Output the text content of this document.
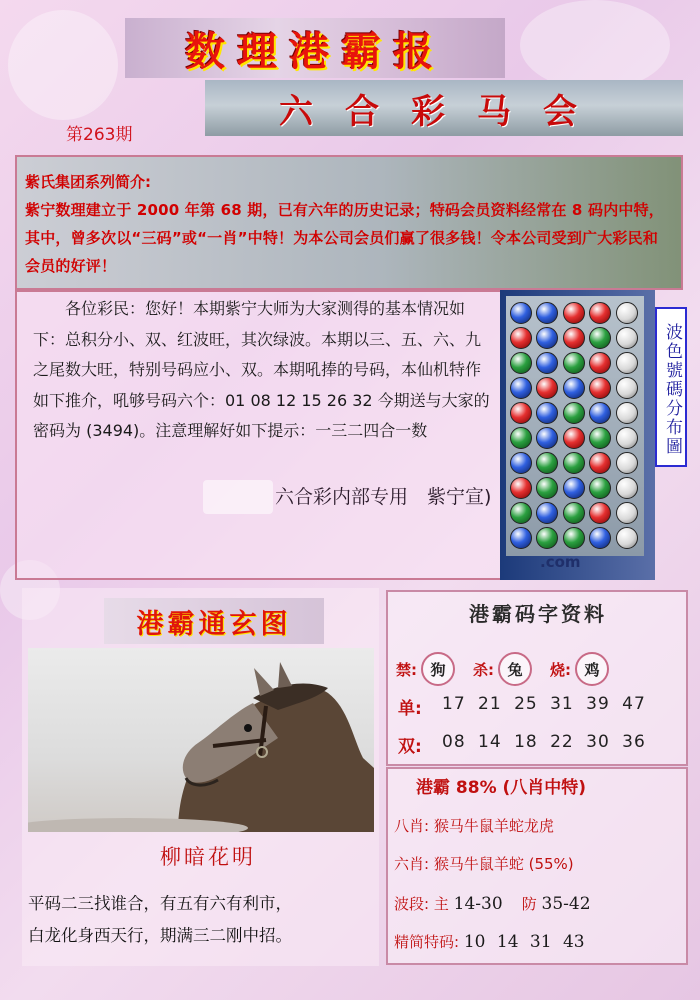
数理港霸报
六合彩马会
第263期
紫氏集团系列简介:
紫宁数理建立于 2000 年第 68 期，已有六年的历史记录；特码会员资料经常在 8 码内中特，其中，曾多次以“三码”或“一肖”中特！为本公司会员们赢了很多钱！令本公司受到广大彩民和会员的好评！
各位彩民：您好！本期紫宁大师为大家测得的基本情况如下：总积分小、双、红波旺，其次绿波。本期以三、五、六、九之尾数大旺，特别号码应小、双。本期吼捧的号码，本仙机特作如下推介，吼够号码六个：01 08 12 15 26 32 今期送与大家的密码为 (3494)。注意理解好如下提示：一三二四合一数
六合彩内部专用　紫宁宣)
.com
波色號碼分布圖
港霸通玄图
柳暗花明
平码二三找谁合，有五有六有利市，
白龙化身西天行，期满三二刚中招。
港霸码字资料
禁: 狗	杀: 兔	烧: 鸡
单:	17 21 25 31 39 47
双:	08 14 18 22 30 36
港霸 88% (八肖中特)
八肖: 猴马牛鼠羊蛇龙虎
六肖: 猴马牛鼠羊蛇 (55%)
波段: 主 14-30 防 35-42
精简特码: 10 14 31 43
